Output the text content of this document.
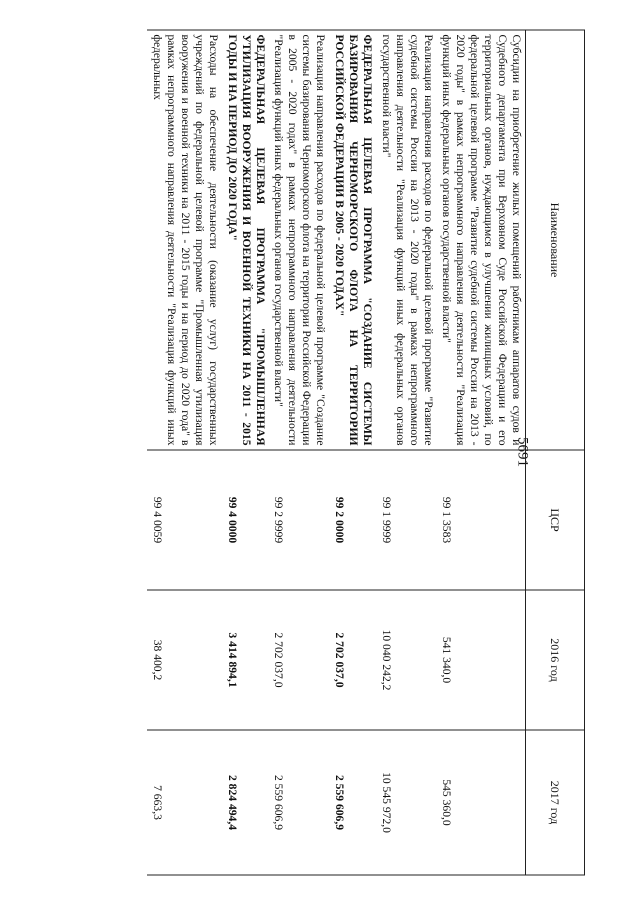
5691
Наименование	ЦСР	2016 год	2017 год
Субсидии на приобретение жилых помещений работникам аппаратов судов и Судебного департамента при Верховном Суде Российской Федерации и его территориальных органов, нуждающимся в улучшении жилищных условий, по федеральной целевой программе "Развитие судебной системы России на 2013 - 2020 годы" в рамках непрограммного направления деятельности "Реализация функций иных федеральных органов государственной власти"	99 1 3583	541 340,0	545 360,0
Реализация направления расходов по федеральной целевой программе "Развитие судебной системы России на 2013 - 2020 годы" в рамках непрограммного направления деятельности "Реализация функций иных федеральных органов государственной власти"	99 1 9999	10 040 242,2	10 545 972,0
ФЕДЕРАЛЬНАЯ ЦЕЛЕВАЯ ПРОГРАММА "СОЗДАНИЕ СИСТЕМЫ БАЗИРОВАНИЯ ЧЕРНОМОРСКОГО ФЛОТА НА ТЕРРИТОРИИ РОССИЙСКОЙ ФЕДЕРАЦИИ В 2005 - 2020 ГОДАХ"	99 2 0000	2 702 037,0	2 559 606,9
Реализация направления расходов по федеральной целевой программе "Создание системы базирования Черноморского флота на территории Российской Федерации в 2005 - 2020 годах" в рамках непрограммного направления деятельности "Реализация функций иных федеральных органов государственной власти"	99 2 9999	2 702 037,0	2 559 606,9
ФЕДЕРАЛЬНАЯ ЦЕЛЕВАЯ ПРОГРАММА "ПРОМЫШЛЕННАЯ УТИЛИЗАЦИЯ ВООРУЖЕНИЯ И ВОЕННОЙ ТЕХНИКИ НА 2011 - 2015 ГОДЫ И НА ПЕРИОД ДО 2020 ГОДА"	99 4 0000	3 414 894,1	2 824 494,4
Расходы на обеспечение деятельности (оказание услуг) государственных учреждений по федеральной целевой программе "Промышленная утилизация вооружения и военной техники на 2011 - 2015 годы и на период до 2020 года" в рамках непрограммного направления деятельности "Реализация функций иных федеральных	99 4 0059	38 400,2	7 663,3
